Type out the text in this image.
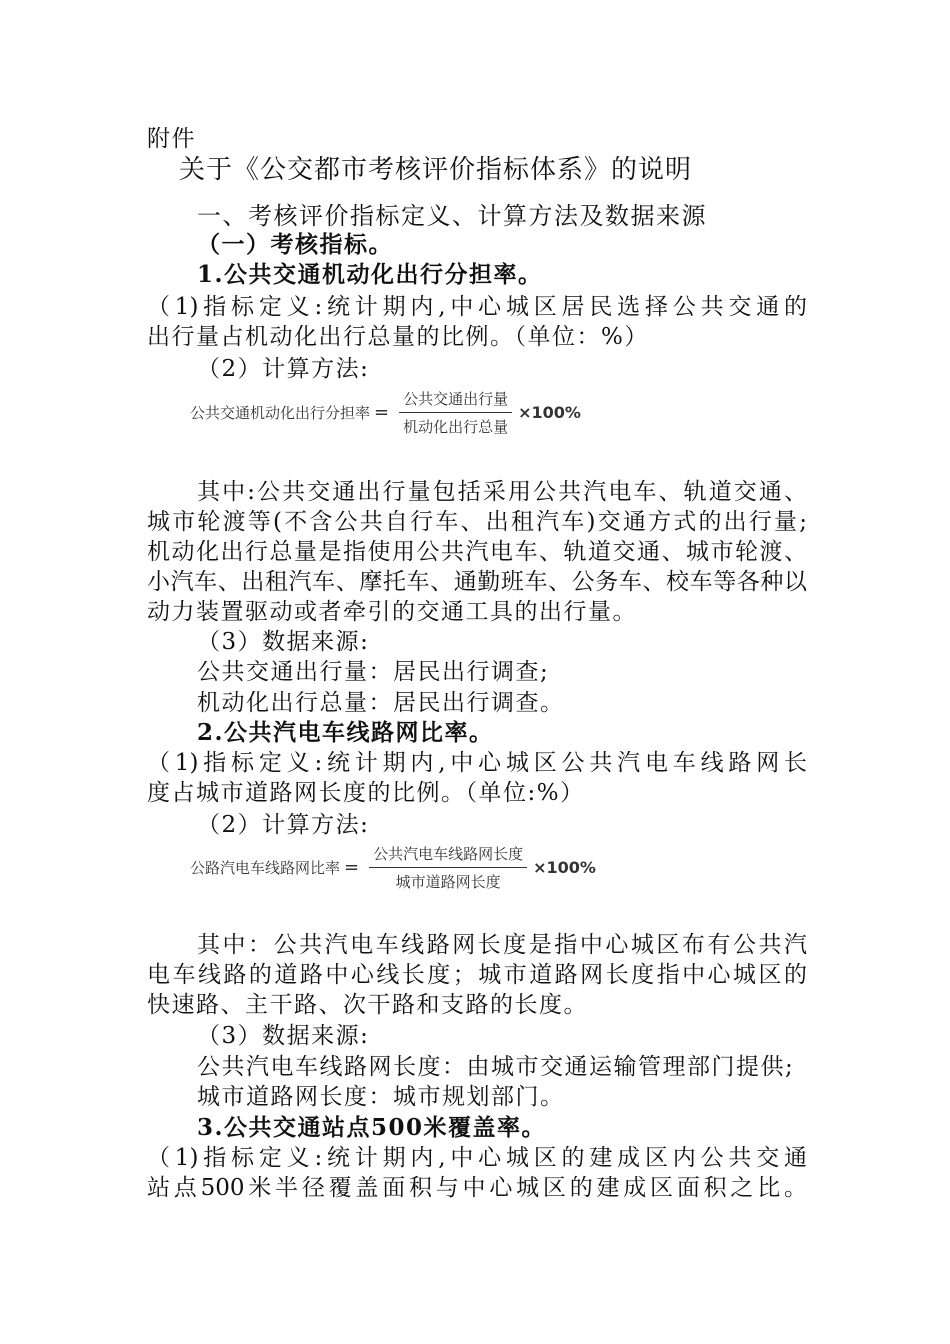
附件
关于《公交都市考核评价指标体系》的说明
一、考核评价指标定义、计算方法及数据来源
（一）考核指标。
1.公共交通机动化出行分担率。
（1)指标定义:统计期内,中心城区居民选择公共交通的
出行量占机动化出行总量的比例。（单位：%）
（2）计算方法:
公共交通机动化出行分担率 = $\frac{\text{公共交通出行量}}{\text{机动化出行总量}} \times 100\%$
其中:公共交通出行量包括采用公共汽电车、轨道交通、
城市轮渡等(不含公共自行车、出租汽车)交通方式的出行量;
机动化出行总量是指使用公共汽电车、轨道交通、城市轮渡、
小汽车、出租汽车、摩托车、通勤班车、公务车、校车等各种以
动力装置驱动或者牵引的交通工具的出行量。
（3）数据来源:
公共交通出行量：居民出行调查;
机动化出行总量：居民出行调查。
2.公共汽电车线路网比率。
（1)指标定义:统计期内,中心城区公共汽电车线路网长
度占城市道路网长度的比例。（单位:%）
（2）计算方法:
公路汽电车线路网比率 = $\frac{\text{公共汽电车线路网长度}}{\text{城市道路网长度}} \times 100\%$
其中：公共汽电车线路网长度是指中心城区布有公共汽
电车线路的道路中心线长度；城市道路网长度指中心城区的
快速路、主干路、次干路和支路的长度。
（3）数据来源:
公共汽电车线路网长度：由城市交通运输管理部门提供;
城市道路网长度：城市规划部门。
3.公共交通站点500米覆盖率。
（1)指标定义:统计期内,中心城区的建成区内公共交通
站点500米半径覆盖面积与中心城区的建成区面积之比。
